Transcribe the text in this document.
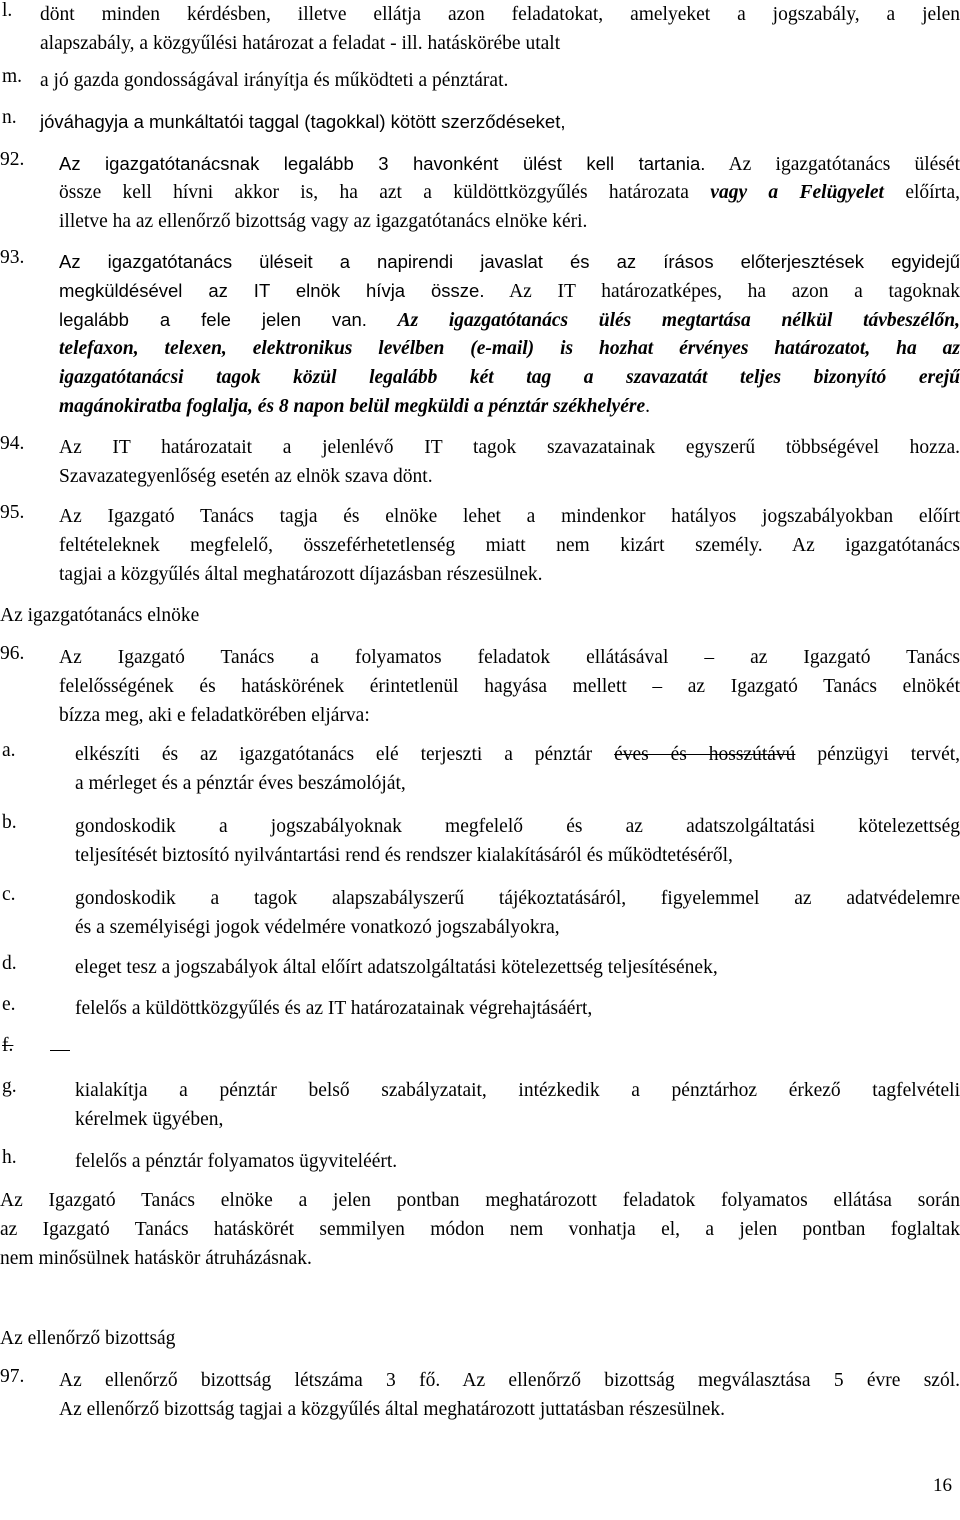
l. dönt minden kérdésben, illetve ellátja azon feladatokat, amelyeket a jogszabály, a jelen
alapszabály, a közgyűlési határozat a feladat - ill. hatáskörébe utalt
m. a jó gazda gondosságával irányítja és működteti a pénztárat.
n. jóváhagyja a munkáltatói taggal (tagokkal) kötött szerződéseket,
92. Az igazgatótanácsnak legalább 3 havonként ülést kell tartania. Az igazgatótanács ülését
össze kell hívni akkor is, ha azt a küldöttközgyűlés határozata vagy a Felügyelet előírta,
illetve ha az ellenőrző bizottság vagy az igazgatótanács elnöke kéri.
93. Az igazgatótanács üléseit a napirendi javaslat és az írásos előterjesztések egyidejű
megküldésével az IT elnök hívja össze. Az IT határozatképes, ha azon a tagoknak
legalább a fele jelen van. Az igazgatótanács ülés megtartása nélkül távbeszélőn,
telefaxon, telexen, elektronikus levélben (e-mail) is hozhat érvényes határozatot, ha az
igazgatótanácsi tagok közül legalább két tag a szavazatát teljes bizonyító erejű
magánokiratba foglalja, és 8 napon belül megküldi a pénztár székhelyére.
94. Az IT határozatait a jelenlévő IT tagok szavazatainak egyszerű többségével hozza.
Szavazategyenlőség esetén az elnök szava dönt.
95. Az Igazgató Tanács tagja és elnöke lehet a mindenkor hatályos jogszabályokban előírt
feltételeknek megfelelő, összeférhetetlenség miatt nem kizárt személy. Az igazgatótanács
tagjai a közgyűlés által meghatározott díjazásban részesülnek.
Az igazgatótanács elnöke
96. Az Igazgató Tanács a folyamatos feladatok ellátásával – az Igazgató Tanács
felelősségének és hatáskörének érintetlenül hagyása mellett – az Igazgató Tanács elnökét
bízza meg, aki e feladatkörében eljárva:
a.	elkészíti és az igazgatótanács elé terjeszti a pénztár éves és hosszútávú pénzügyi tervét,
a mérleget és a pénztár éves beszámolóját,
b.	gondoskodik a jogszabályoknak megfelelő és az adatszolgáltatási kötelezettség
teljesítését biztosító nyilvántartási rend és rendszer kialakításáról és működtetéséről,
c.	gondoskodik a tagok alapszabályszerű tájékoztatásáról, figyelemmel az adatvédelemre
és a személyiségi jogok védelmére vonatkozó jogszabályokra,
d.	eleget tesz a jogszabályok által előírt adatszolgáltatási kötelezettség teljesítésének,
e.	felelős a küldöttközgyűlés és az IT határozatainak végrehajtásáért,
f.
g.	kialakítja a pénztár belső szabályzatait, intézkedik a pénztárhoz érkező tagfelvételi
kérelmek ügyében,
h.	felelős a pénztár folyamatos ügyviteléért.
Az Igazgató Tanács elnöke a jelen pontban meghatározott feladatok folyamatos ellátása során
az Igazgató Tanács hatáskörét semmilyen módon nem vonhatja el, a jelen pontban foglaltak
nem minősülnek hatáskör átruházásnak.
Az ellenőrző bizottság
97. Az ellenőrző bizottság létszáma 3 fő. Az ellenőrző bizottság megválasztása 5 évre szól.
Az ellenőrző bizottság tagjai a közgyűlés által meghatározott juttatásban részesülnek.
16
